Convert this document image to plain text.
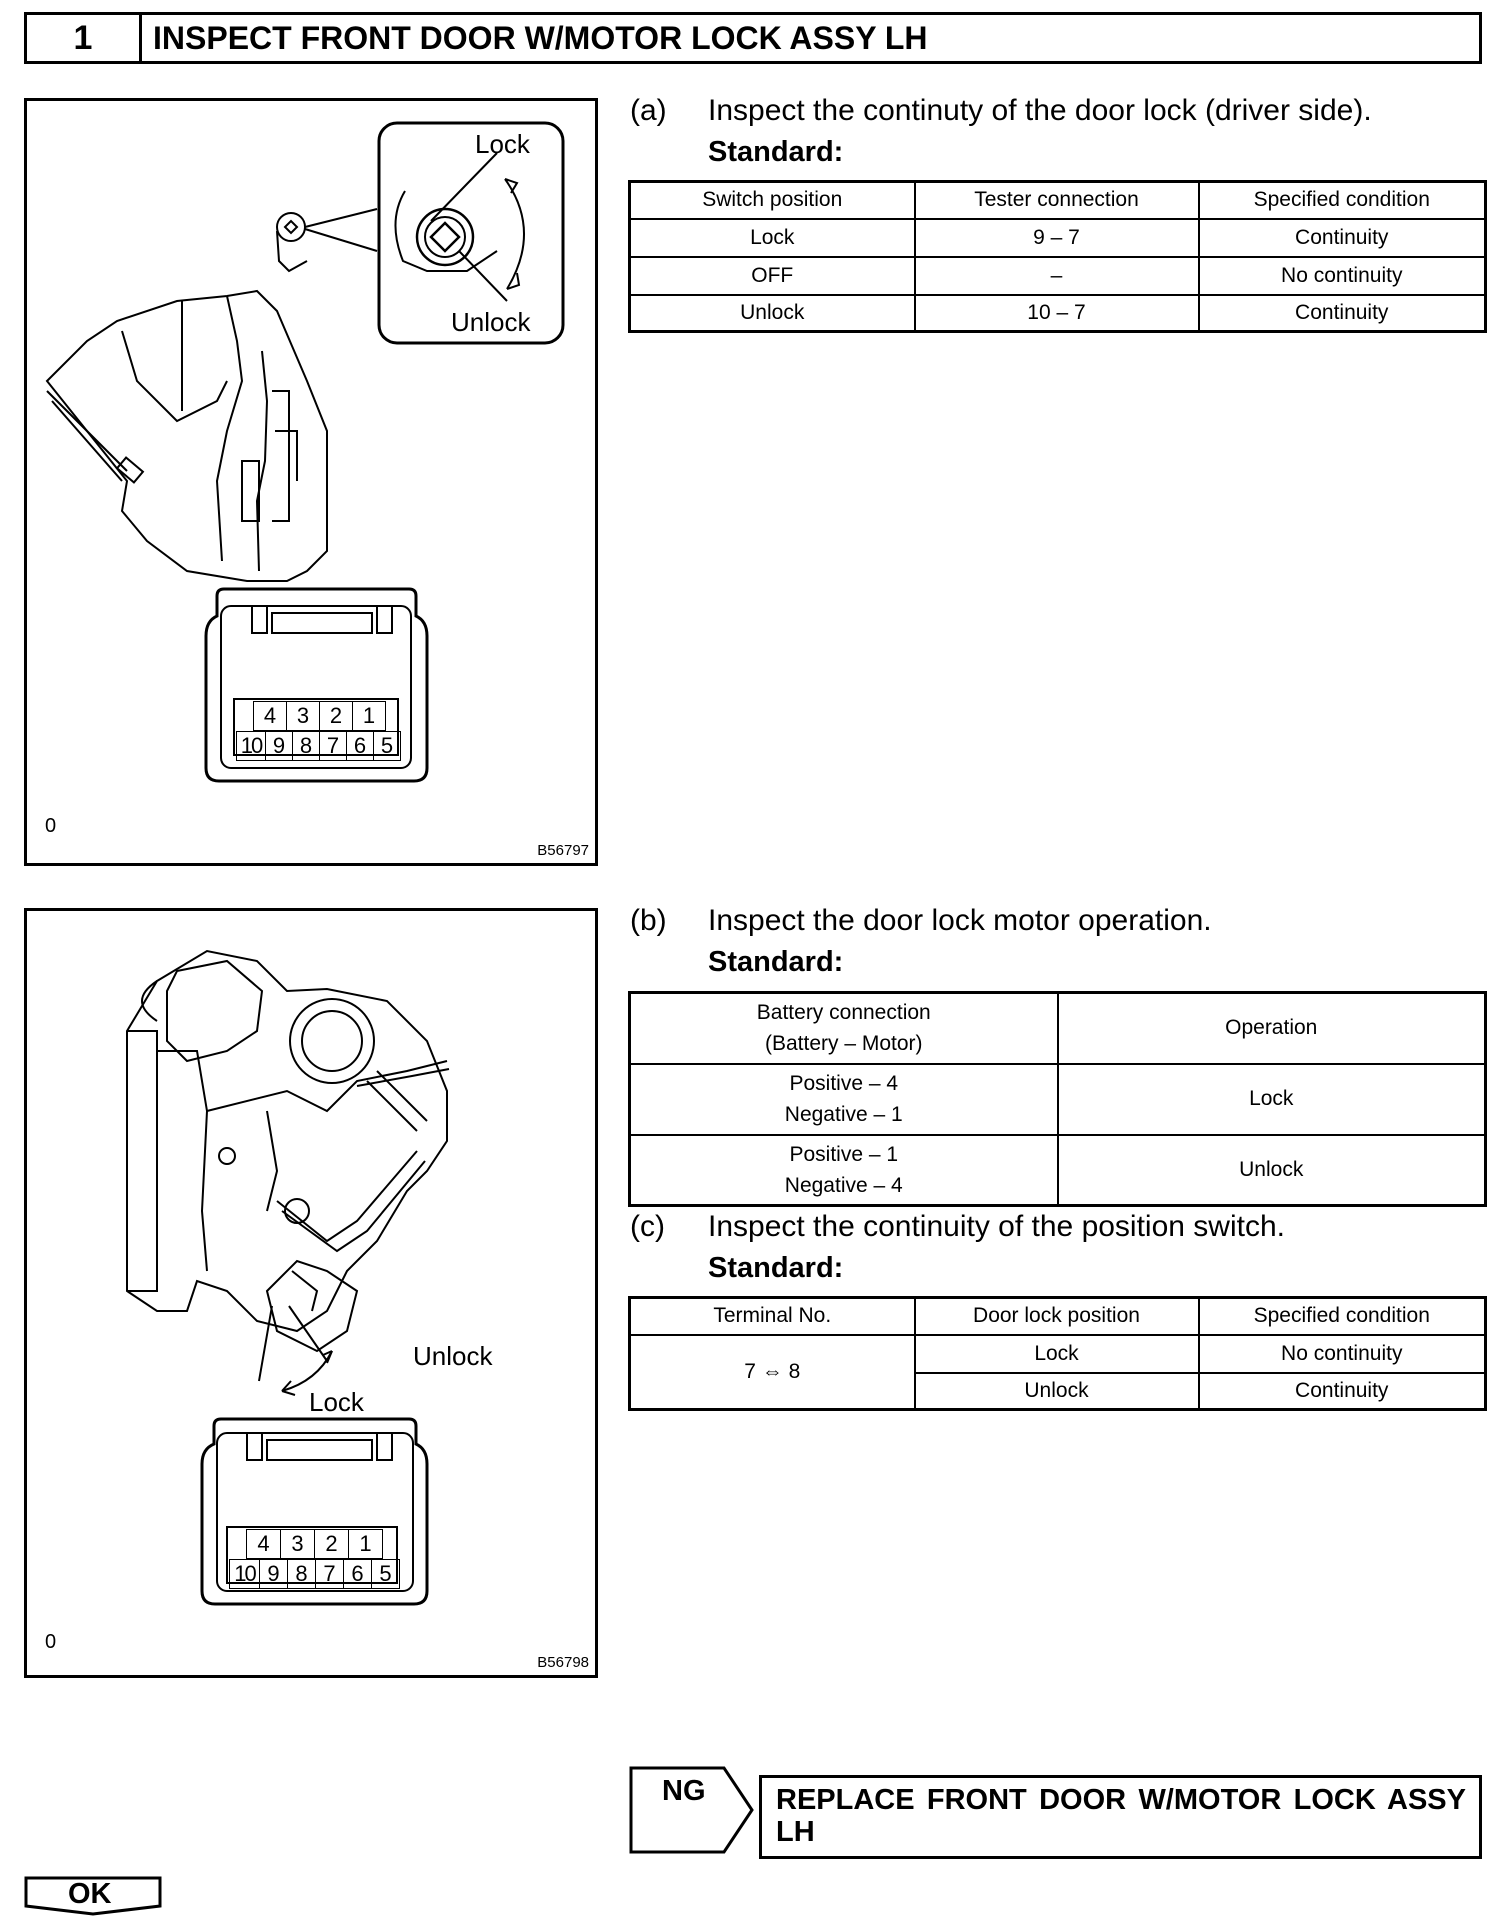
1	INSPECT FRONT DOOR W/MOTOR LOCK ASSY LH
4 3 2 1
10 9 8 7 6 5
Lock
Unlock
0
B56797
(a) Inspect the continuty of the door lock (driver side).
Standard:
Switch position	Tester connection	Specified condition
Lock	9 – 7	Continuity
OFF	–	No continuity
Unlock	10 – 7	Continuity
4 3 2 1
10 9 8 7 6 5
Unlock
Lock
0
B56798
(b) Inspect the door lock motor operation.
Standard:
Battery connection
(Battery – Motor)	Operation

Positive – 4
Negative – 1	Lock

Positive – 1
Negative – 4	Unlock
(c) Inspect the continuity of the position switch.
Standard:
Terminal No.	Door lock position	Specified condition
7 ⇔ 8	Lock	No continuity
	Unlock	Continuity
NG REPLACE FRONT DOOR W/MOTOR LOCK ASSY LH
OK
